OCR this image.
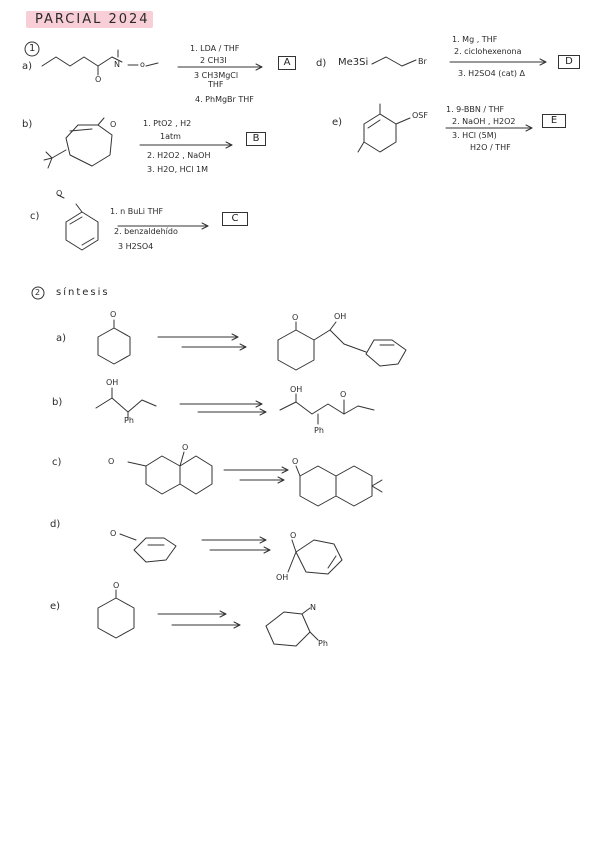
PARCIAL 2024
1
a)	N	o
O
1. LDA / THF
2 CH3I
3 CH3MgCl
THF
4. PhMgBr THF
A	d) Me3Si	Br
1. Mg , THF
2. ciclohexenona
3. H2SO4 (cat) Δ
D
b)	O	1. PtO2 , H2
1atm
2. H2O2 , NaOH
3. H2O, HCl 1M
B
e)
OSF
1. 9-BBN / THF
2. NaOH , H2O2
3. HCl (5M)
H2O / THF
E
c)
O
1. n BuLi THF
2. benzaldehído
3 H2SO4
C
2 síntesis
a)
O	O	OH
b)
OH
Ph
OH
O
Ph
c)	O
O
O
d)
O	O
OH
e)
O
N
Ph
